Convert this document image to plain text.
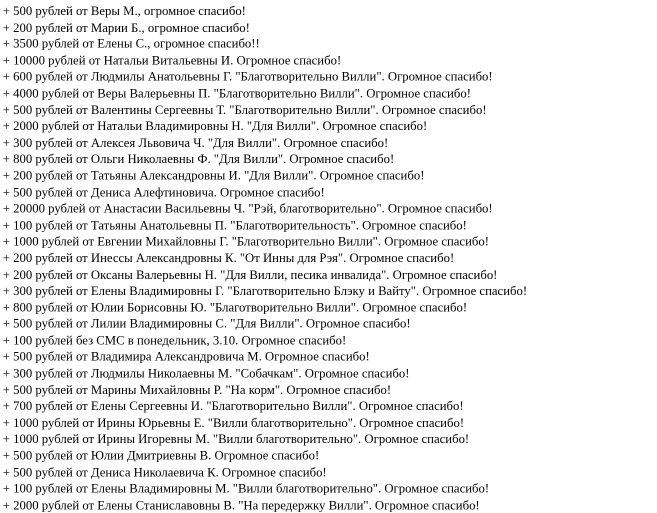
+ 500 рублей от Веры М., огромное спасибо!
+ 200 рублей от Марии Б., огромное спасибо!
+ 3500 рублей от Елены С., огромное спасибо!!
+ 10000 рублей от Натальи Витальевны И. Огромное спасибо!
+ 600 рублей от Людмилы Анатольевны Г. "Благотворительно Вилли". Огромное спасибо!
+ 4000 рублей от Веры Валерьевны П. "Благотворительно Вилли". Огромное спасибо!
+ 500 рублей от Валентины Сергеевны Т. "Благотворительно Вилли". Огромное спасибо!
+ 2000 рублей от Натальи Владимировны Н. "Для Вилли". Огромное спасибо!
+ 300 рублей от Алексея Львовича Ч. "Для Вилли". Огромное спасибо!
+ 800 рублей от Ольги Николаевны Ф. "Для Вилли". Огромное спасибо!
+ 200 рублей от Татьяны Александровны И. "Для Вилли". Огромное спасибо!
+ 500 рублей от Дениса Алефтиновича. Огромное спасибо!
+ 20000 рублей от Анастасии Васильевны Ч. "Рэй, благотворительно". Огромное спасибо!
+ 100 рублей от Татьяны Анатольевны П. "Благотворительность". Огромное спасибо!
+ 1000 рублей от Евгении Михайловны Г. "Благотворительно Вилли". Огромное спасибо!
+ 200 рублей от Инессы Александровны К. "От Инны для Рэя". Огромное спасибо!
+ 200 рублей от Оксаны Валерьевны Н. "Для Вилли, песика инвалида". Огромное спасибо!
+ 300 рублей от Елены Владимировны Г. "Благотворительно Блэку и Вайту". Огромное спасибо!
+ 800 рублей от Юлии Борисовны Ю. "Благотворительно Вилли". Огромное спасибо!
+ 500 рублей от Лилии Владимировны С. "Для Вилли". Огромное спасибо!
+ 100 рублей без СМС в понедельник, 3.10. Огромное спасибо!
+ 500 рублей от Владимира Александровича М. Огромное спасибо!
+ 300 рублей от Людмилы Николаевны М. "Собачкам". Огромное спасибо!
+ 500 рублей от Марины Михайловны Р. "На корм". Огромное спасибо!
+ 700 рублей от Елены Сергеевны И. "Благотворительно Вилли". Огромное спасибо!
+ 1000 рублей от Ирины Юрьевны Е. "Вилли благотворительно". Огромное спасибо!
+ 1000 рублей от Ирины Игоревны М. "Вилли благотворительно". Огромное спасибо!
+ 500 рублей от Юлии Дмитриевны В. Огромное спасибо!
+ 500 рублей от Дениса Николаевича К. Огромное спасибо!
+ 100 рублей от Елены Владимировны М. "Вилли благотворительно". Огромное спасибо!
+ 2000 рублей от Елены Станиславовны В. "На передержку Вилли". Огромное спасибо!
